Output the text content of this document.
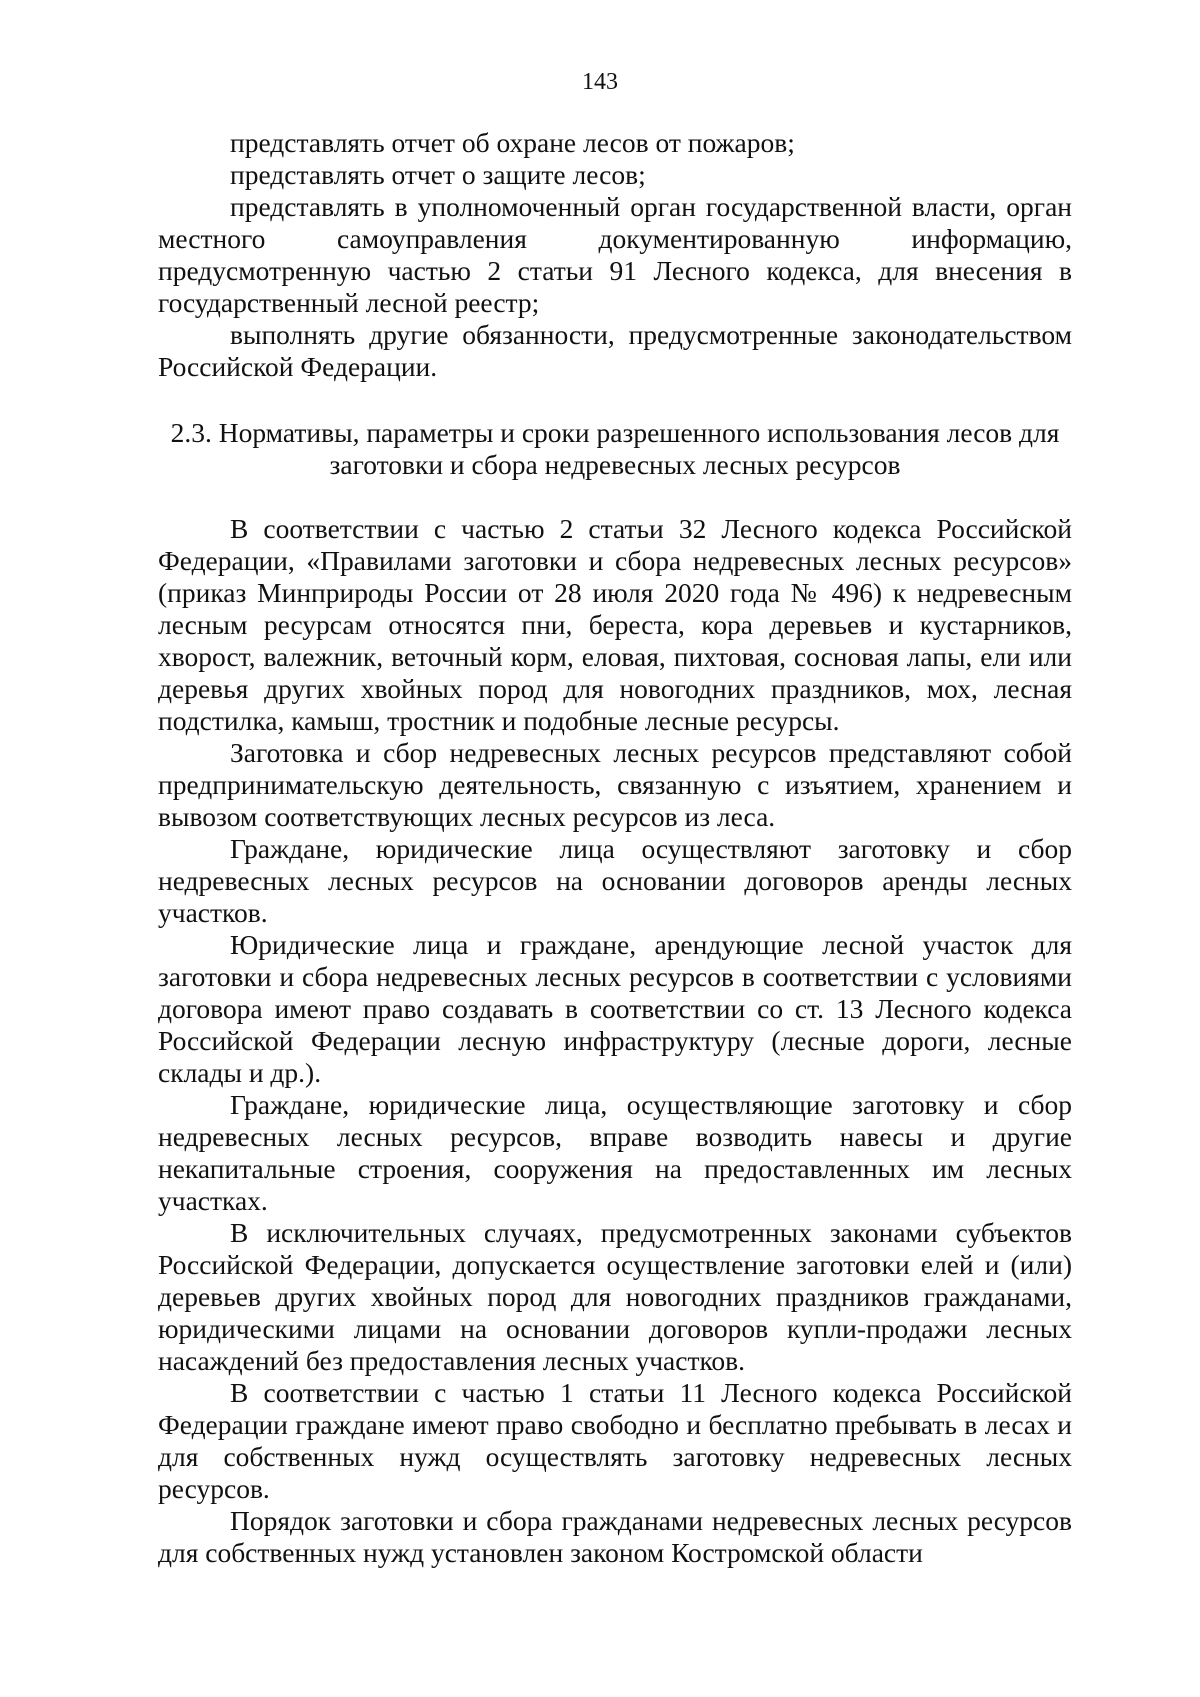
143

представлять отчет об охране лесов от пожаров;

представлять отчет о защите лесов;

представлять в уполномоченный орган государственной власти, орган местного самоуправления документированную информацию, предусмотренную частью 2 статьи 91 Лесного кодекса, для внесения в государственный лесной реестр;

выполнять другие обязанности, предусмотренные законодательством Российской Федерации.

2.3. Нормативы, параметры и сроки разрешенного использования лесов для заготовки и сбора недревесных лесных ресурсов

В соответствии с частью 2 статьи 32 Лесного кодекса Российской Федерации, «Правилами заготовки и сбора недревесных лесных ресурсов» (приказ Минприроды России от 28 июля 2020 года № 496) к недревесным лесным ресурсам относятся пни, береста, кора деревьев и кустарников, хворост, валежник, веточный корм, еловая, пихтовая, сосновая лапы, ели или деревья других хвойных пород для новогодних праздников, мох, лесная подстилка, камыш, тростник и подобные лесные ресурсы.

Заготовка и сбор недревесных лесных ресурсов представляют собой предпринимательскую деятельность, связанную с изъятием, хранением и вывозом соответствующих лесных ресурсов из леса.

Граждане, юридические лица осуществляют заготовку и сбор недревесных лесных ресурсов на основании договоров аренды лесных участков.

Юридические лица и граждане, арендующие лесной участок для заготовки и сбора недревесных лесных ресурсов в соответствии с условиями договора имеют право создавать в соответствии со ст. 13 Лесного кодекса Российской Федерации лесную инфраструктуру (лесные дороги, лесные склады и др.).

Граждане, юридические лица, осуществляющие заготовку и сбор недревесных лесных ресурсов, вправе возводить навесы и другие некапитальные строения, сооружения на предоставленных им лесных участках.

В исключительных случаях, предусмотренных законами субъектов Российской Федерации, допускается осуществление заготовки елей и (или) деревьев других хвойных пород для новогодних праздников гражданами, юридическими лицами на основании договоров купли-продажи лесных насаждений без предоставления лесных участков.

В соответствии с частью 1 статьи 11 Лесного кодекса Российской Федерации граждане имеют право свободно и бесплатно пребывать в лесах и для собственных нужд осуществлять заготовку недревесных лесных ресурсов.

Порядок заготовки и сбора гражданами недревесных лесных ресурсов для собственных нужд установлен законом Костромской области
